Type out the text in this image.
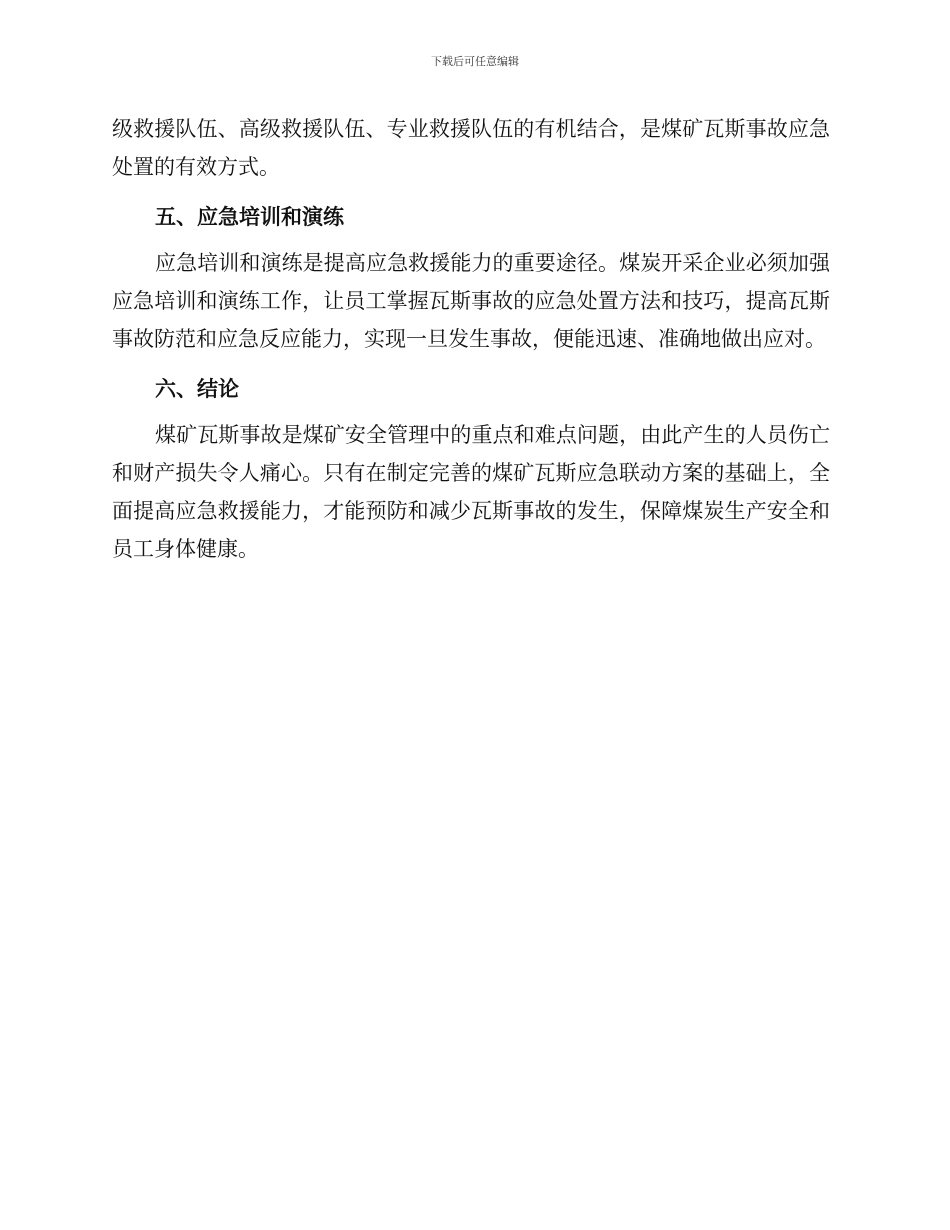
下载后可任意编辑

级救援队伍、高级救援队伍、专业救援队伍的有机结合，是煤矿瓦斯事故应急处置的有效方式。

五、应急培训和演练

应急培训和演练是提高应急救援能力的重要途径。煤炭开采企业必须加强应急培训和演练工作，让员工掌握瓦斯事故的应急处置方法和技巧，提高瓦斯事故防范和应急反应能力，实现一旦发生事故，便能迅速、准确地做出应对。

六、结论

煤矿瓦斯事故是煤矿安全管理中的重点和难点问题，由此产生的人员伤亡和财产损失令人痛心。只有在制定完善的煤矿瓦斯应急联动方案的基础上，全面提高应急救援能力，才能预防和减少瓦斯事故的发生，保障煤炭生产安全和员工身体健康。
